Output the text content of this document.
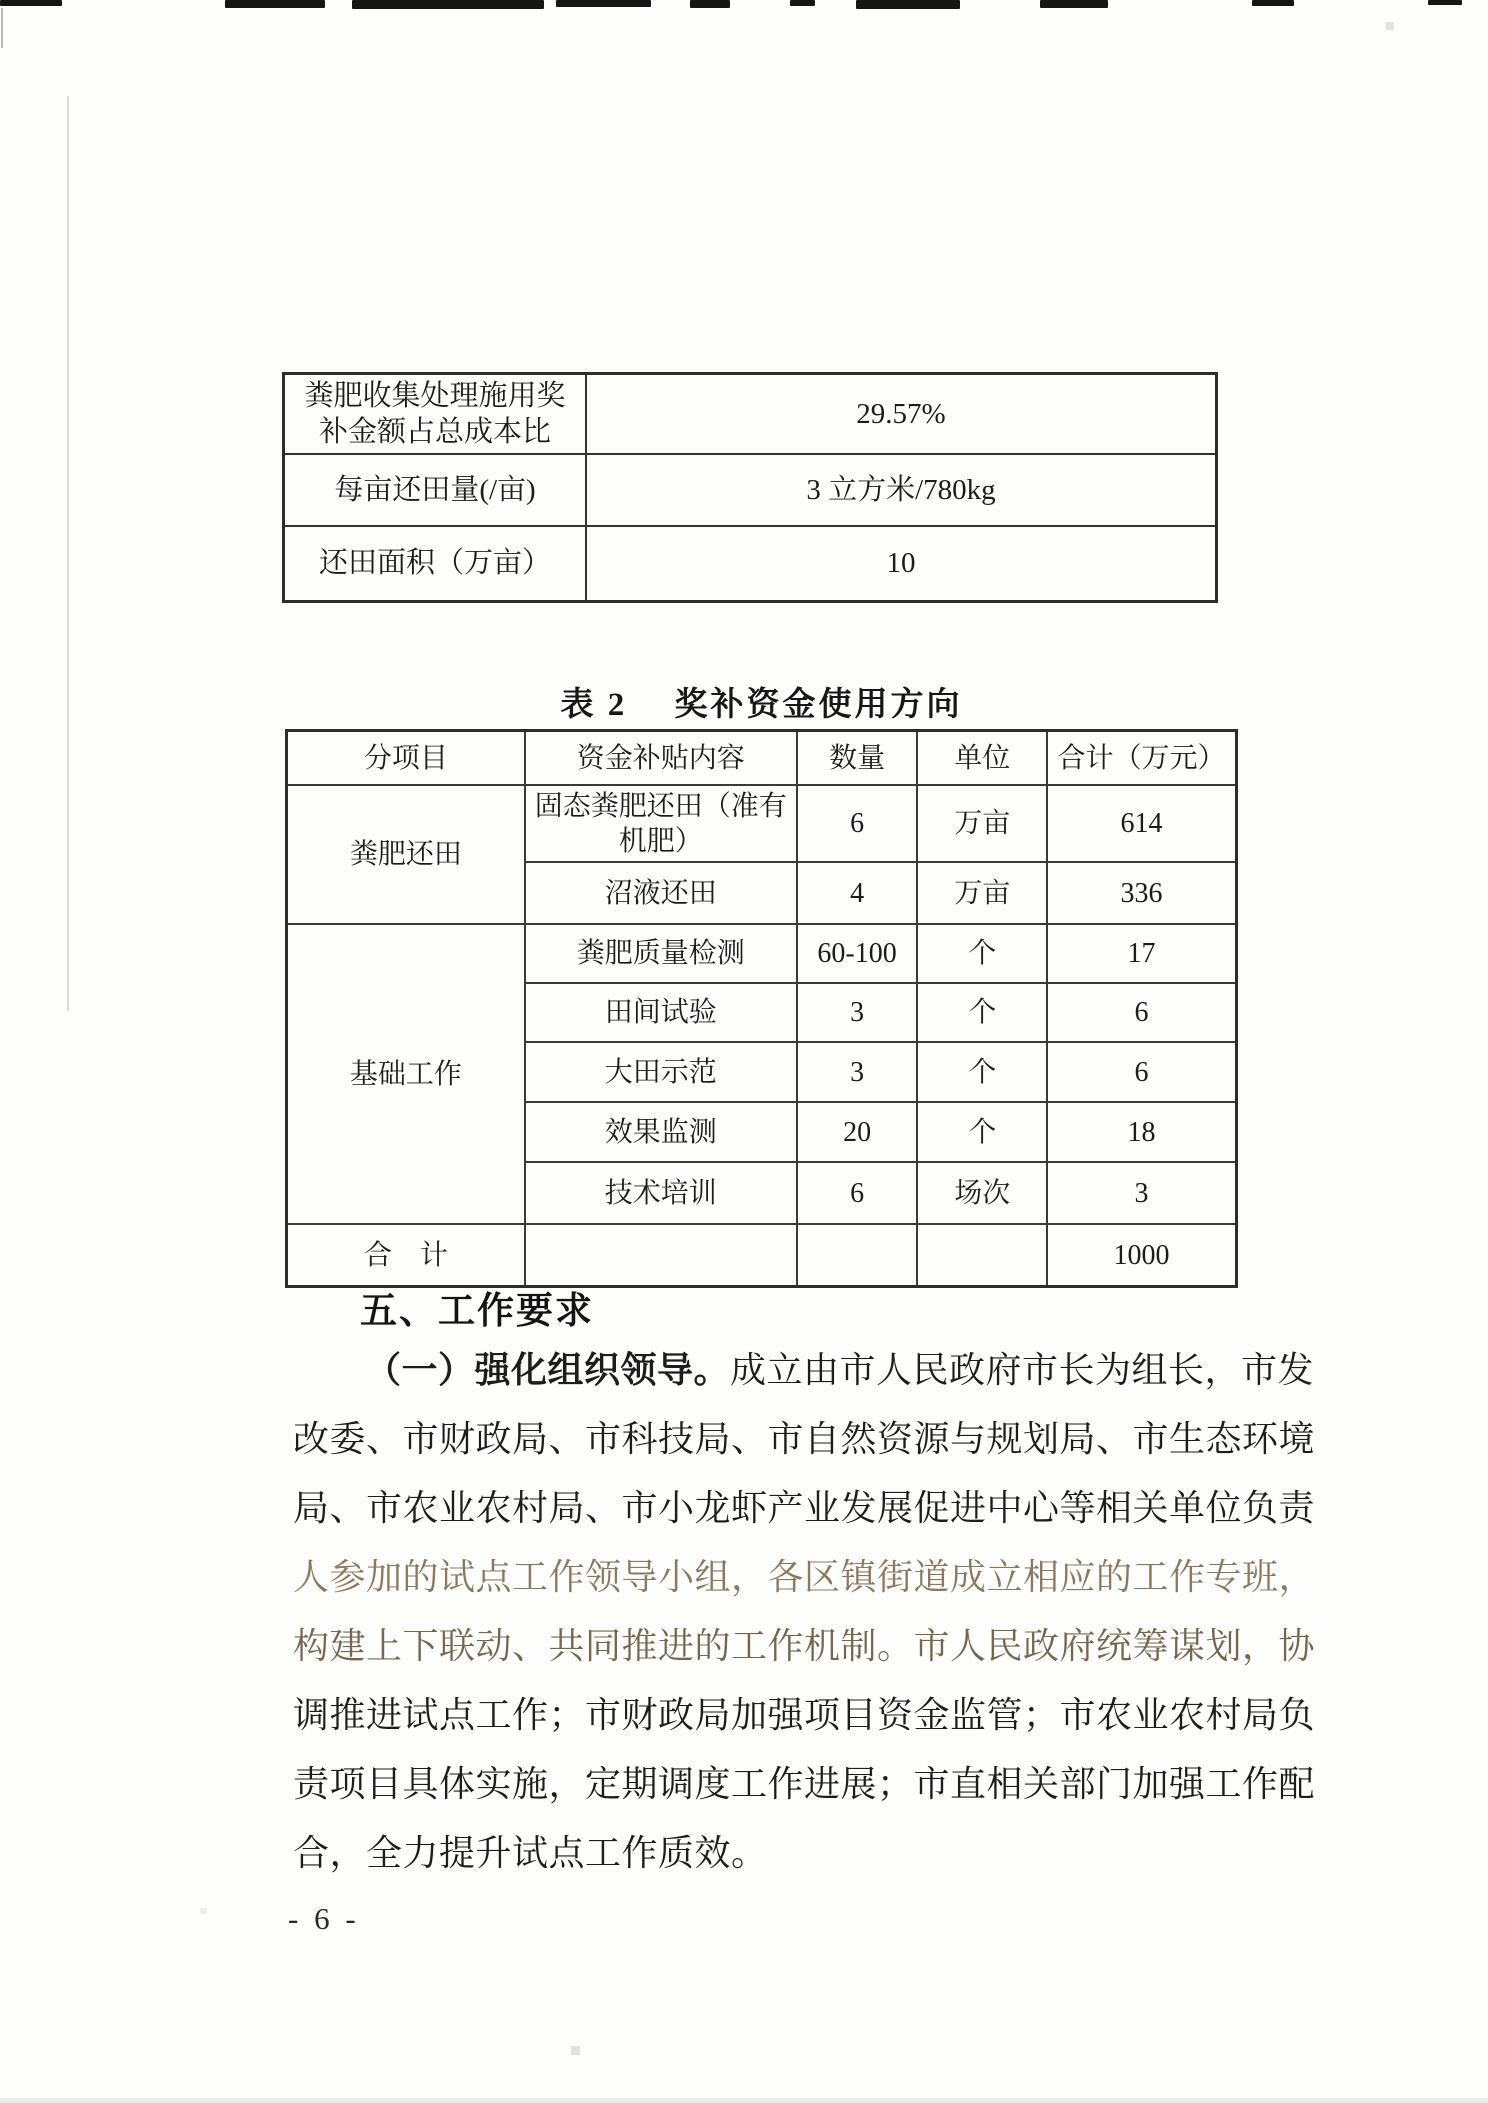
粪肥收集处理施用奖补金额占总成本比	29.57%
每亩还田量(/亩)	3 立方米/780kg
还田面积（万亩）	10
表 2　 奖补资金使用方向
分项目	资金补贴内容	数量	单位	合计（万元）
粪肥还田	固态粪肥还田（准有机肥）	6	万亩	614
	沼液还田	4	万亩	336
基础工作	粪肥质量检测	60-100	个	17
	田间试验	3	个	6
	大田示范	3	个	6
	效果监测	20	个	18
	技术培训	6	场次	3
合　计				1000
五、工作要求
（一）强化组织领导。成立由市人民政府市长为组长，市发
改委、市财政局、市科技局、市自然资源与规划局、市生态环境
局、市农业农村局、市小龙虾产业发展促进中心等相关单位负责
人参加的试点工作领导小组，各区镇街道成立相应的工作专班，
构建上下联动、共同推进的工作机制。市人民政府统筹谋划，协
调推进试点工作；市财政局加强项目资金监管；市农业农村局负
责项目具体实施，定期调度工作进展；市直相关部门加强工作配
合，全力提升试点工作质效。
- 6 -
